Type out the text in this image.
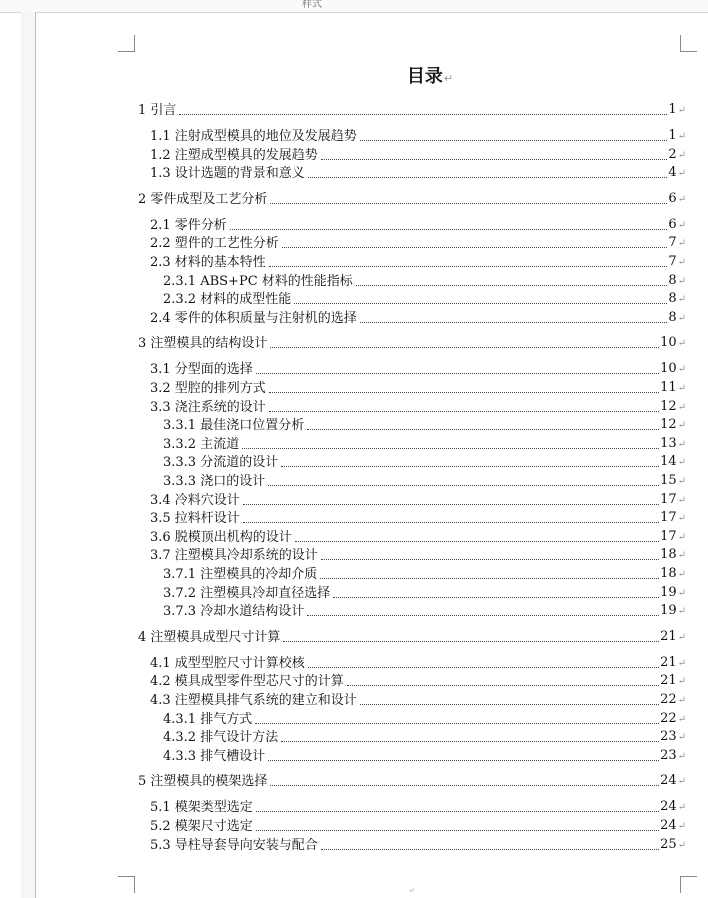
样式
目录↵
1 引言	1↵
1.1 注射成型模具的地位及发展趋势	1↵
1.2 注塑成型模具的发展趋势	2↵
1.3 设计选题的背景和意义	4↵
2 零件成型及工艺分析	6↵
2.1 零件分析	6↵
2.2 塑件的工艺性分析	7↵
2.3 材料的基本特性	7↵
2.3.1 ABS+PC 材料的性能指标	8↵
2.3.2 材料的成型性能	8↵
2.4 零件的体积质量与注射机的选择	8↵
3 注塑模具的结构设计	10↵
3.1 分型面的选择	10↵
3.2 型腔的排列方式	11↵
3.3 浇注系统的设计	12↵
3.3.1 最佳浇口位置分析	12↵
3.3.2 主流道	13↵
3.3.3 分流道的设计	14↵
3.3.3 浇口的设计	15↵
3.4 冷料穴设计	17↵
3.5 拉料杆设计	17↵
3.6 脱模顶出机构的设计	17↵
3.7 注塑模具冷却系统的设计	18↵
3.7.1 注塑模具的冷却介质	18↵
3.7.2 注塑模具冷却直径选择	19↵
3.7.3 冷却水道结构设计	19↵
4 注塑模具成型尺寸计算	21↵
4.1 成型型腔尺寸计算校核	21↵
4.2 模具成型零件型芯尺寸的计算	21↵
4.3 注塑模具排气系统的建立和设计	22↵
4.3.1 排气方式	22↵
4.3.2 排气设计方法	23↵
4.3.3 排气槽设计	23↵
5 注塑模具的模架选择	24↵
5.1 模架类型选定	24↵
5.2 模架尺寸选定	24↵
5.3 导柱导套导向安装与配合	25↵
↵
